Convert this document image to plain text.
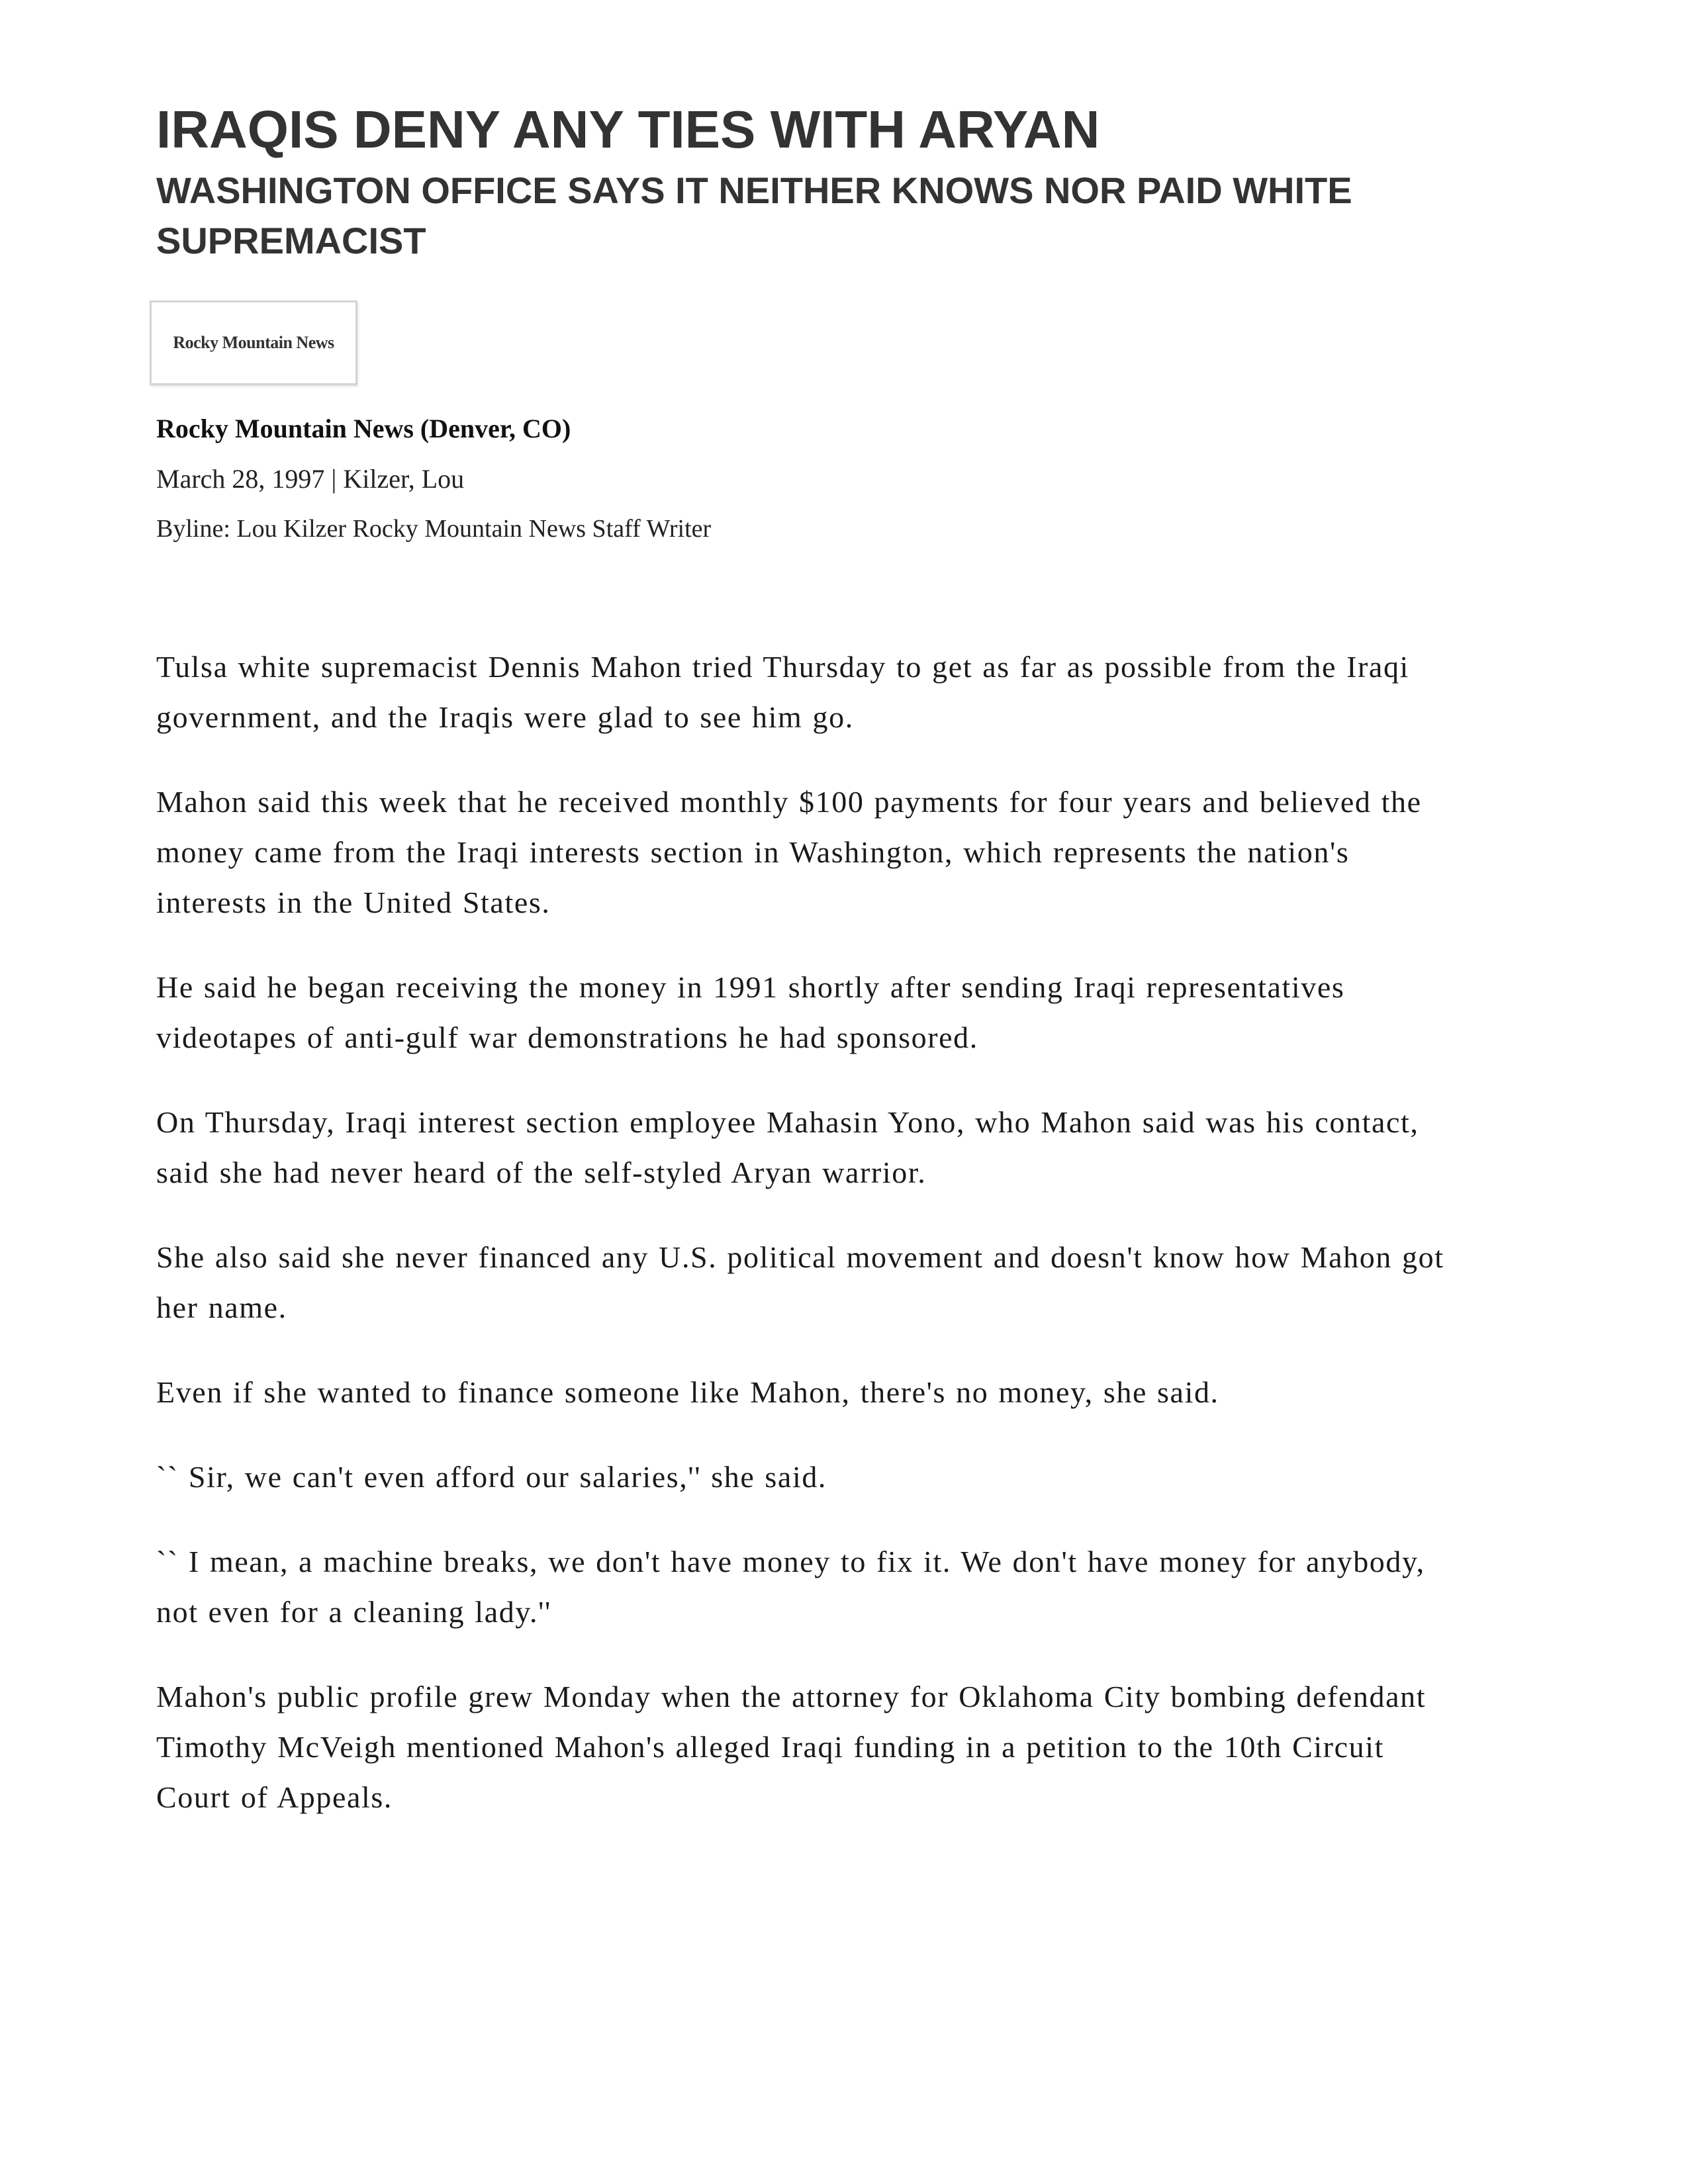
IRAQIS DENY ANY TIES WITH ARYAN
WASHINGTON OFFICE SAYS IT NEITHER KNOWS NOR PAID WHITE SUPREMACIST
Rocky Mountain News
Rocky Mountain News (Denver, CO)
March 28, 1997 | Kilzer, Lou
Byline: Lou Kilzer Rocky Mountain News Staff Writer

Tulsa white supremacist Dennis Mahon tried Thursday to get as far as possible from the Iraqi government, and the Iraqis were glad to see him go.

Mahon said this week that he received monthly $100 payments for four years and believed the money came from the Iraqi interests section in Washington, which represents the nation's interests in the United States.

He said he began receiving the money in 1991 shortly after sending Iraqi representatives videotapes of anti-gulf war demonstrations he had sponsored.

On Thursday, Iraqi interest section employee Mahasin Yono, who Mahon said was his contact, said she had never heard of the self-styled Aryan warrior.

She also said she never financed any U.S. political movement and doesn't know how Mahon got her name.

Even if she wanted to finance someone like Mahon, there's no money, she said.

`` Sir, we can't even afford our salaries,'' she said.

`` I mean, a machine breaks, we don't have money to fix it. We don't have money for anybody, not even for a cleaning lady.''

Mahon's public profile grew Monday when the attorney for Oklahoma City bombing defendant Timothy McVeigh mentioned Mahon's alleged Iraqi funding in a petition to the 10th Circuit Court of Appeals.
